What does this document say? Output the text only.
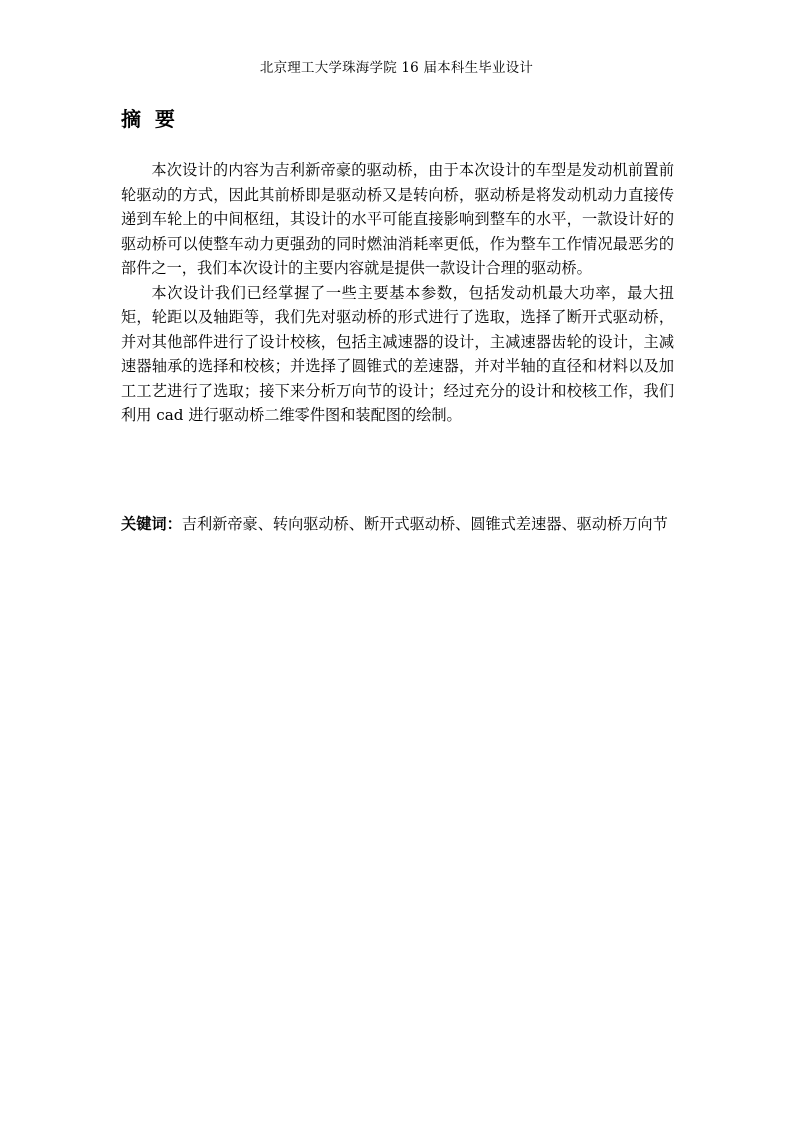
北京理工大学珠海学院 16 届本科生毕业设计
摘  要

本次设计的内容为吉利新帝豪的驱动桥，由于本次设计的车型是发动机前置前轮驱动的方式，因此其前桥即是驱动桥又是转向桥，驱动桥是将发动机动力直接传递到车轮上的中间枢纽，其设计的水平可能直接影响到整车的水平，一款设计好的驱动桥可以使整车动力更强劲的同时燃油消耗率更低，作为整车工作情况最恶劣的部件之一，我们本次设计的主要内容就是提供一款设计合理的驱动桥。

本次设计我们已经掌握了一些主要基本参数，包括发动机最大功率，最大扭矩，轮距以及轴距等，我们先对驱动桥的形式进行了选取，选择了断开式驱动桥，并对其他部件进行了设计校核，包括主减速器的设计，主减速器齿轮的设计，主减速器轴承的选择和校核；并选择了圆锥式的差速器，并对半轴的直径和材料以及加工工艺进行了选取；接下来分析万向节的设计；经过充分的设计和校核工作，我们利用 cad 进行驱动桥二维零件图和装配图的绘制。

关键词：吉利新帝豪、转向驱动桥、断开式驱动桥、圆锥式差速器、驱动桥万向节
